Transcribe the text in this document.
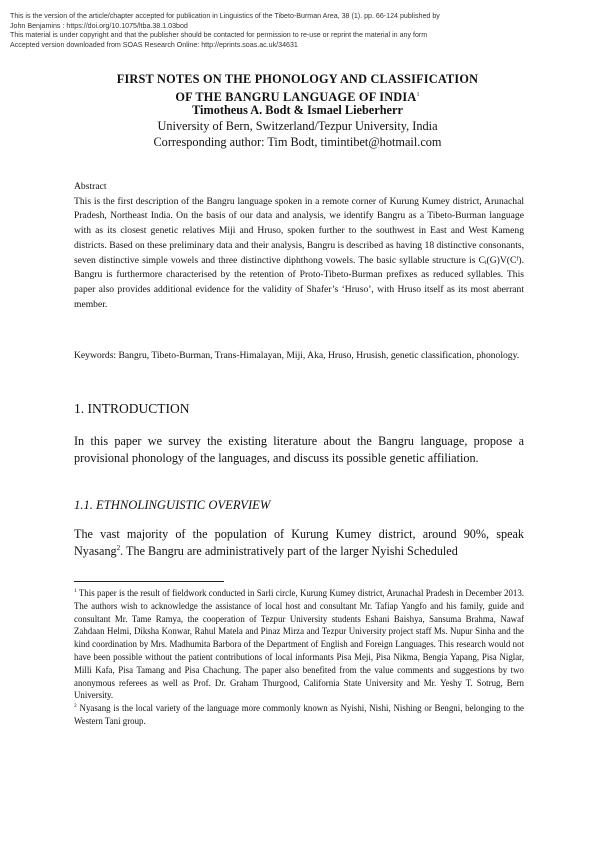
This is the version of the article/chapter accepted for publication in Linguistics of the Tibeto-Burman Area, 38 (1). pp. 66-124 published by
John Benjamins : https://doi.org/10.1075/ltba.38.1.03bod
This material is under copyright and that the publisher should be contacted for permission to re-use or reprint the material in any form
Accepted version downloaded from SOAS Research Online: http://eprints.soas.ac.uk/34631
FIRST NOTES ON THE PHONOLOGY AND CLASSIFICATION
OF THE BANGRU LANGUAGE OF INDIA$^1$
Timotheus A. Bodt & Ismael Lieberherr
University of Bern, Switzerland/Tezpur University, India
Corresponding author: Tim Bodt, timintibet@hotmail.com
Abstract
This is the first description of the Bangru language spoken in a remote corner of Kurung Kumey district, Arunachal Pradesh, Northeast India. On the basis of our data and analysis, we identify Bangru as a Tibeto-Burman language with as its closest genetic relatives Miji and Hruso, spoken further to the southwest in East and West Kameng districts. Based on these preliminary data and their analysis, Bangru is described as having 18 distinctive consonants, seven distinctive simple vowels and three distinctive diphthong vowels. The basic syllable structure is Cᵢ(G)V(Cᶠ). Bangru is furthermore characterised by the retention of Proto-Tibeto-Burman prefixes as reduced syllables. This paper also provides additional evidence for the validity of Shafer’s ‘Hruso’, with Hruso itself as its most aberrant member.
Keywords: Bangru, Tibeto-Burman, Trans-Himalayan, Miji, Aka, Hruso, Hrusish, genetic classification, phonology.
1. INTRODUCTION
In this paper we survey the existing literature about the Bangru language, propose a provisional phonology of the languages, and discuss its possible genetic affiliation.
1.1. ETHNOLINGUISTIC OVERVIEW
The vast majority of the population of Kurung Kumey district, around 90%, speak Nyasang$^2$. The Bangru are administratively part of the larger Nyishi Scheduled

$^1$ This paper is the result of fieldwork conducted in Sarli circle, Kurung Kumey district, Arunachal Pradesh in December 2013. The authors wish to acknowledge the assistance of local host and consultant Mr. Tafiap Yangfo and his family, guide and consultant Mr. Tame Ramya, the cooperation of Tezpur University students Eshani Baishya, Sansuma Brahma, Nawaf Zahdaan Helmi, Diksha Konwar, Rahul Matela and Pinaz Mirza and Tezpur University project staff Ms. Nupur Sinha and the kind coordination by Mrs. Madhumita Barbora of the Department of English and Foreign Languages. This research would not have been possible without the patient contributions of local informants Pisa Meji, Pisa Nikma, Bengia Yapang, Pisa Niglar, Milli Kafa, Pisa Tamang and Pisa Chachung. The paper also benefited from the value comments and suggestions by two anonymous referees as well as Prof. Dr. Graham Thurgood, California State University and Mr. Yeshy T. Sotrug, Bern University.

$^2$ Nyasang is the local variety of the language more commonly known as Nyishi, Nishi, Nishing or Bengni, belonging to the Western Tani group.
